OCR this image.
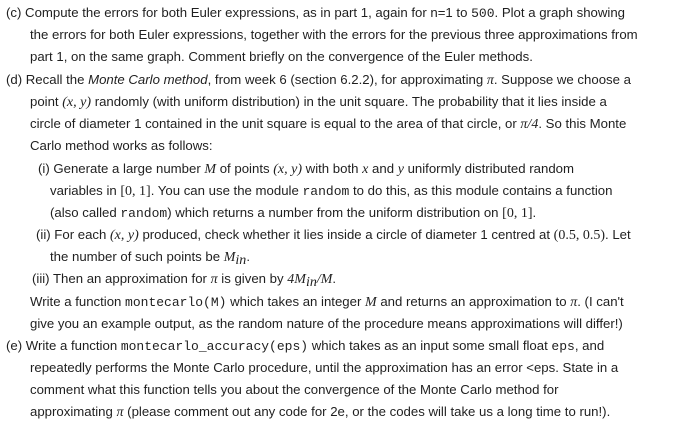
(c) Compute the errors for both Euler expressions, as in part 1, again for n=1 to 500. Plot a graph showing
the errors for both Euler expressions, together with the errors for the previous three approximations from
part 1, on the same graph. Comment briefly on the convergence of the Euler methods.
(d) Recall the Monte Carlo method, from week 6 (section 6.2.2), for approximating π. Suppose we choose a
point (x, y) randomly (with uniform distribution) in the unit square. The probability that it lies inside a
circle of diameter 1 contained in the unit square is equal to the area of that circle, or π/4. So this Monte
Carlo method works as follows:
(i) Generate a large number M of points (x, y) with both x and y uniformly distributed random
variables in [0, 1]. You can use the module random to do this, as this module contains a function
(also called random) which returns a number from the uniform distribution on [0, 1].
(ii) For each (x, y) produced, check whether it lies inside a circle of diameter 1 centred at (0.5, 0.5). Let
the number of such points be $M_{in}$.
(iii) Then an approximation for π is given by $4M_{in}/M$.
Write a function montecarlo(M) which takes an integer M and returns an approximation to π. (I can't
give you an example output, as the random nature of the procedure means approximations will differ!)
(e) Write a function montecarlo_accuracy(eps) which takes as an input some small float eps, and
repeatedly performs the Monte Carlo procedure, until the approximation has an error <eps. State in a
comment what this function tells you about the convergence of the Monte Carlo method for
approximating π (please comment out any code for 2e, or the codes will take us a long time to run!).
